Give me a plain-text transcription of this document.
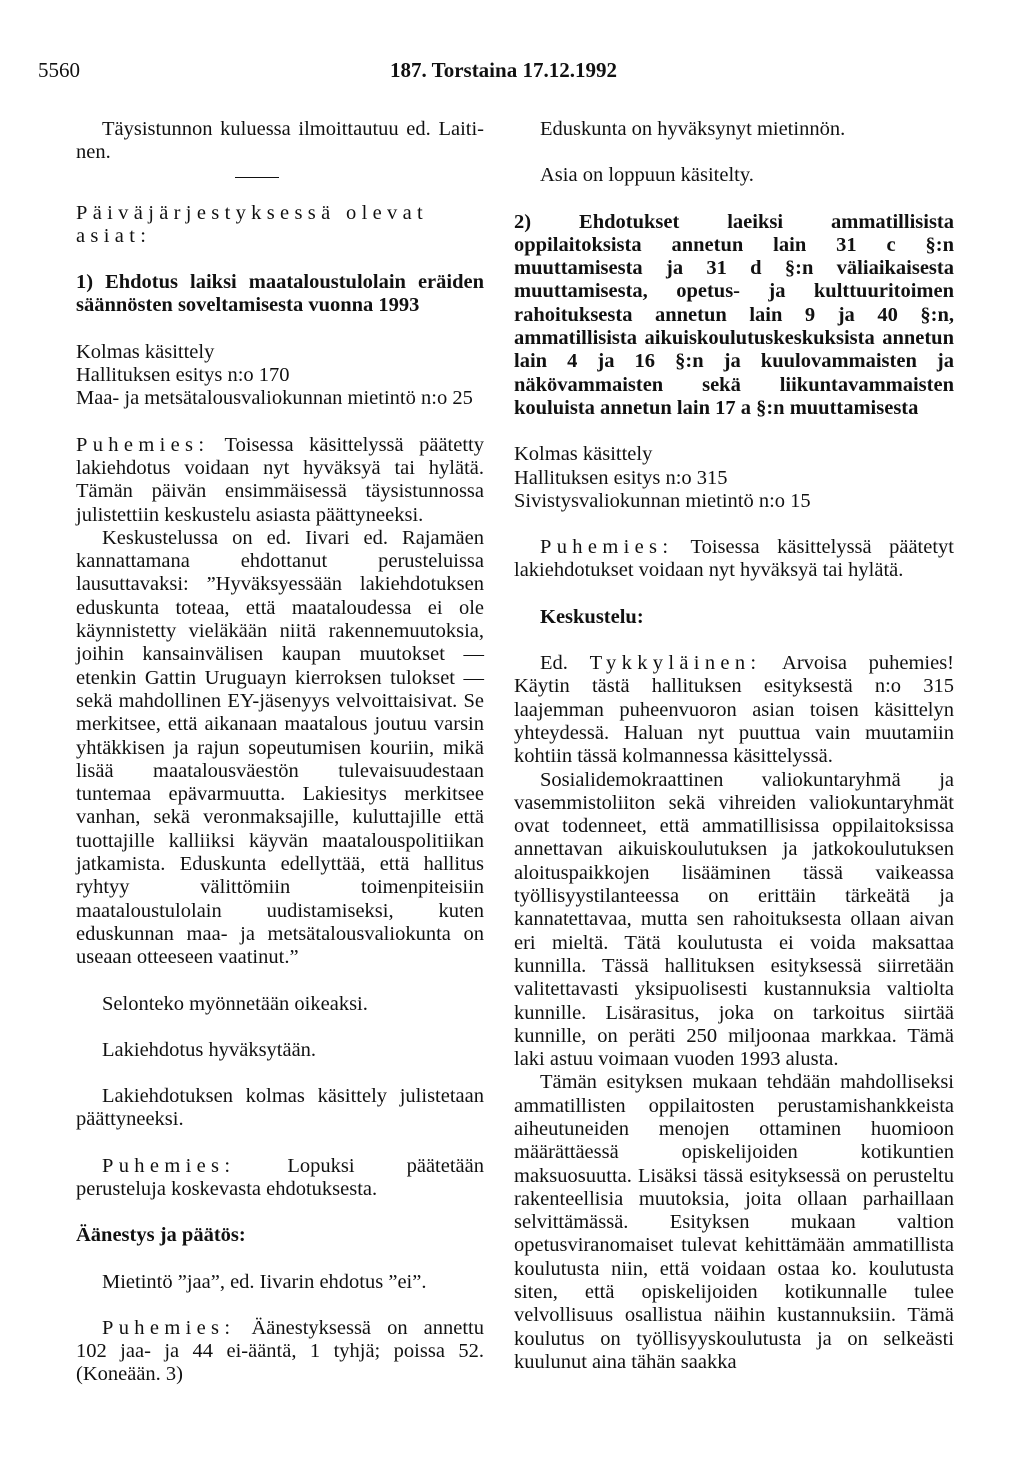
5560	187. Torstaina 17.12.1992

Täysistunnon kuluessa ilmoittautuu ed. Laiti-nen.

Päiväjärjestyksessä olevat asiat:

1) Ehdotus laiksi maataloustulolain eräiden säännösten soveltamisesta vuonna 1993

Kolmas käsittely

Hallituksen esitys n:o 170

Maa- ja metsätalousvaliokunnan mietintö n:o 25

Puhemies: Toisessa käsittelyssä päätetty lakiehdotus voidaan nyt hyväksyä tai hylätä. Tämän päivän ensimmäisessä täysistunnossa julistettiin keskustelu asiasta päättyneeksi.

Keskustelussa on ed. Iivari ed. Rajamäen kannattamana ehdottanut perusteluissa lausuttavaksi: ”Hyväksyessään lakiehdotuksen eduskunta toteaa, että maataloudessa ei ole käynnistetty vieläkään niitä rakennemuutoksia, joihin kansainvälisen kaupan muutokset — etenkin Gattin Uruguayn kierroksen tulokset — sekä mahdollinen EY-jäsenyys velvoittaisivat. Se merkitsee, että aikanaan maatalous joutuu varsin yhtäkkisen ja rajun sopeutumisen kouriin, mikä lisää maatalousväestön tulevaisuudestaan tuntemaa epävarmuutta. Lakiesitys merkitsee vanhan, sekä veronmaksajille, kuluttajille että tuottajille kalliiksi käyvän maatalouspolitiikan jatkamista. Eduskunta edellyttää, että hallitus ryhtyy välittömiin toimenpiteisiin maataloustulolain uudistamiseksi, kuten eduskunnan maa- ja metsätalousvaliokunta on useaan otteeseen vaatinut.”

Selonteko myönnetään oikeaksi.

Lakiehdotus hyväksytään.

Lakiehdotuksen kolmas käsittely julistetaan päättyneeksi.

Puhemies:	Lopuksi päätetään perusteluja koskevasta ehdotuksesta.

Äänestys ja päätös:

Mietintö ”jaa”, ed. Iivarin ehdotus ”ei”.

Puhemies: Äänestyksessä on annettu 102 jaa- ja 44 ei-ääntä, 1 tyhjä; poissa 52. (Koneään. 3)

Eduskunta on hyväksynyt mietinnön.

Asia on loppuun käsitelty.

2) Ehdotukset laeiksi ammatillisista oppilaitoksista annetun lain 31 c §:n muuttamisesta ja 31 d §:n väliaikaisesta muuttamisesta, opetus- ja kulttuuritoimen rahoituksesta annetun lain 9 ja 40 §:n, ammatillisista aikuiskoulutuskeskuksista annetun lain 4 ja 16 §:n ja kuulovammaisten ja näkövammaisten sekä liikuntavammaisten kouluista annetun lain 17 a §:n muuttamisesta

Kolmas käsittely

Hallituksen esitys n:o 315

Sivistysvaliokunnan mietintö n:o 15

Puhemies: Toisessa käsittelyssä päätetyt lakiehdotukset voidaan nyt hyväksyä tai hylätä.

Keskustelu:

Ed. Tykkyläinen: Arvoisa puhemies! Käytin tästä hallituksen esityksestä n:o 315 laajemman puheenvuoron asian toisen käsittelyn yhteydessä. Haluan nyt puuttua vain muutamiin kohtiin tässä kolmannessa käsittelyssä.

Sosialidemokraattinen valiokuntaryhmä ja vasemmistoliiton sekä vihreiden valiokuntaryhmät ovat todenneet, että ammatillisissa oppilaitoksissa annettavan aikuiskoulutuksen ja jatkokoulutuksen aloituspaikkojen lisääminen tässä vaikeassa työllisyystilanteessa on erittäin tärkeätä ja kannatettavaa, mutta sen rahoituksesta ollaan aivan eri mieltä. Tätä koulutusta ei voida maksattaa kunnilla. Tässä hallituksen esityksessä siirretään valitettavasti yksipuolisesti kustannuksia valtiolta kunnille. Lisärasitus, joka on tarkoitus siirtää kunnille, on peräti 250 miljoonaa markkaa. Tämä laki astuu voimaan vuoden 1993 alusta.

Tämän esityksen mukaan tehdään mahdolliseksi ammatillisten oppilaitosten perustamishankkeista aiheutuneiden menojen ottaminen huomioon määrättäessä opiskelijoiden kotikuntien maksuosuutta. Lisäksi tässä esityksessä on perusteltu rakenteellisia muutoksia, joita ollaan parhaillaan selvittämässä. Esityksen mukaan valtion opetusviranomaiset tulevat kehittämään ammatillista koulutusta niin, että voidaan ostaa ko. koulutusta siten, että opiskelijoiden kotikunnalle tulee velvollisuus osallistua näihin kustannuksiin. Tämä koulutus on työllisyyskoulutusta ja on selkeästi kuulunut aina tähän saakka
